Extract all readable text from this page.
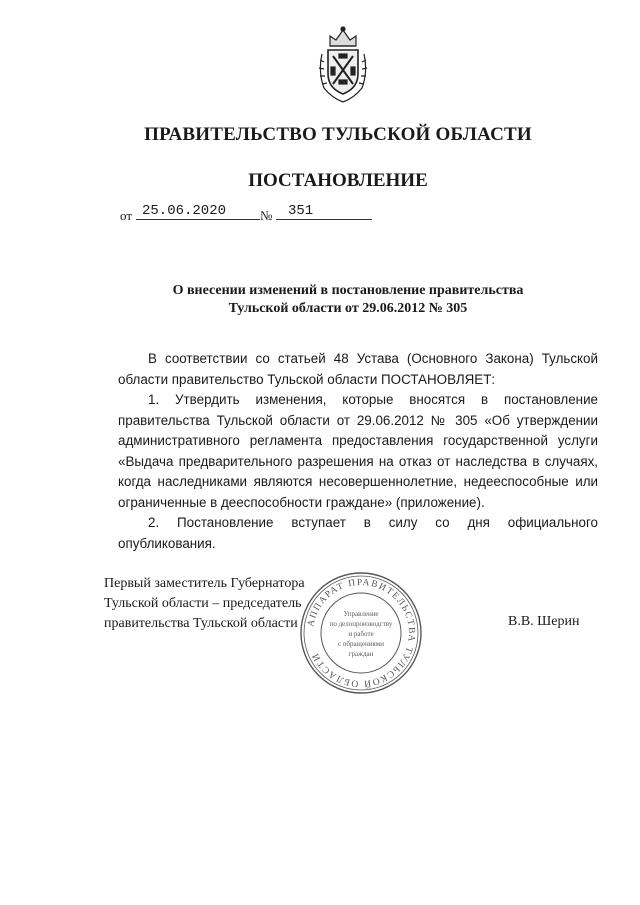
ПРАВИТЕЛЬСТВО ТУЛЬСКОЙ ОБЛАСТИ
ПОСТАНОВЛЕНИЕ
от 25.06.2020	№ 351
О внесении изменений в постановление правительства
Тульской области от 29.06.2012 № 305

В соответствии со статьей 48 Устава (Основного Закона) Тульской области правительство Тульской области ПОСТАНОВЛЯЕТ:

1. Утвердить изменения, которые вносятся в постановление правительства Тульской области от 29.06.2012 № 305 «Об утверждении административного регламента предоставления государственной услуги «Выдача предварительного разрешения на отказ от наследства в случаях, когда наследниками являются несовершеннолетние, недееспособные или ограниченные в дееспособности граждане» (приложение).

2. Постановление вступает в силу со дня официального опубликования.

Первый заместитель Губернатора
Тульской области – председатель
правительства Тульской области	В.В. Шерин
АППАРАТ ПРАВИТЕЛЬСТВА ТУЛЬСКОЙ ОБЛАСТИ
Управление
по делопроизводству
и работе
с обращениями
граждан
